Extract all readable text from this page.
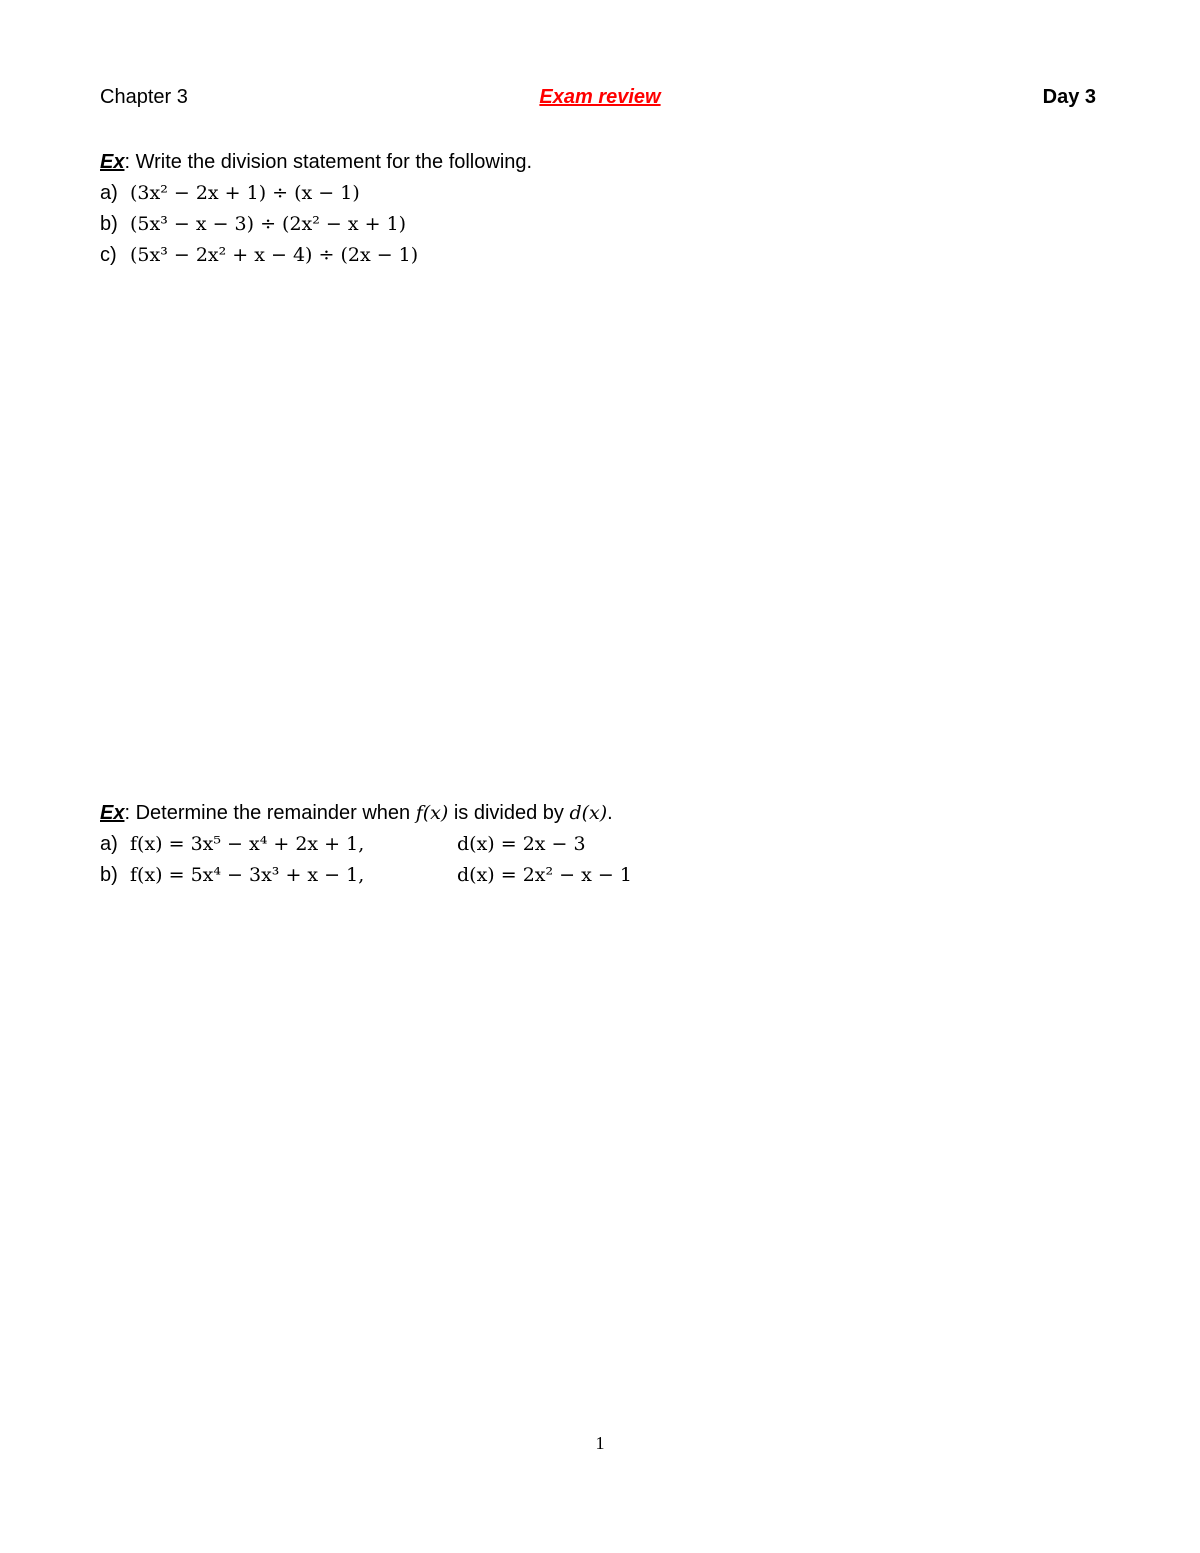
Chapter 3	Exam review	Day 3
Ex: Write the division statement for the following.
a) (3x² − 2x + 1) ÷ (x − 1)
b) (5x³ − x − 3) ÷ (2x² − x + 1)
c) (5x³ − 2x² + x − 4) ÷ (2x − 1)
Ex: Determine the remainder when f(x) is divided by d(x).
a) f(x) = 3x⁵ − x⁴ + 2x + 1,	d(x) = 2x − 3
b) f(x) = 5x⁴ − 3x³ + x − 1,	d(x) = 2x² − x − 1
1
